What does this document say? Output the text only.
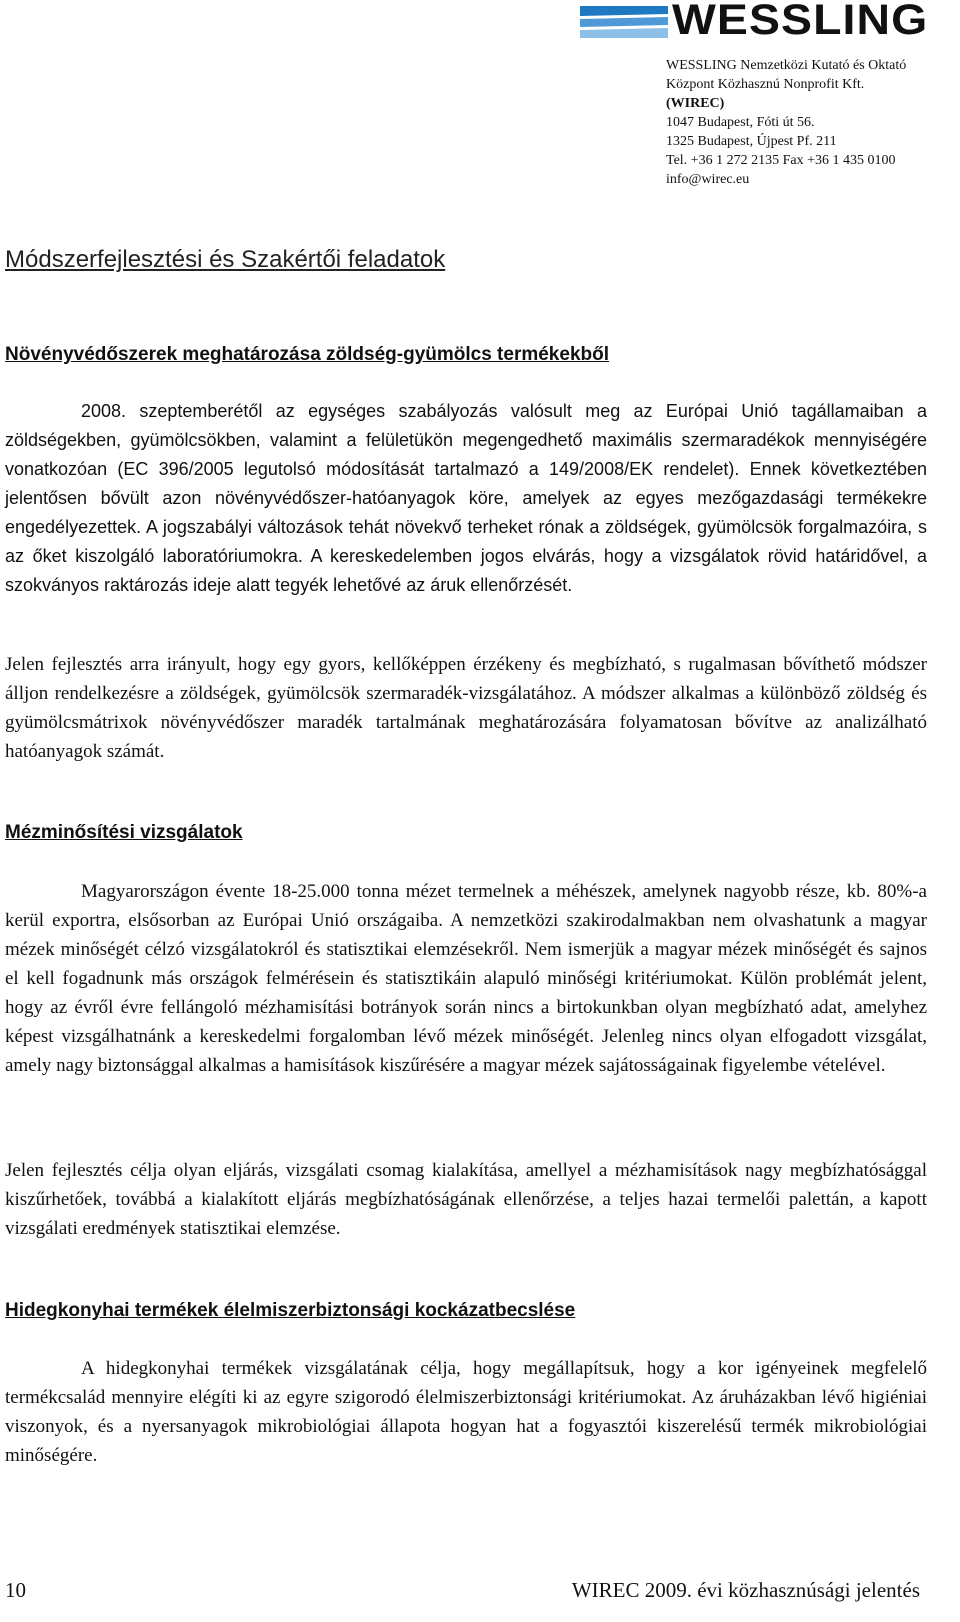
WESSLING
WESSLING Nemzetközi Kutató és Oktató
Központ Közhasznú Nonprofit Kft.
(WIREC)
1047 Budapest, Fóti út 56.
1325 Budapest, Újpest Pf. 211
Tel. +36 1 272 2135 Fax +36 1 435 0100
info@wirec.eu
Módszerfejlesztési és Szakértői feladatok
Növényvédőszerek meghatározása zöldség-gyümölcs termékekből

2008. szeptemberétől az egységes szabályozás valósult meg az Európai Unió tagállamaiban a zöldségekben, gyümölcsökben, valamint a felületükön megengedhető maximális szermaradékok mennyiségére vonatkozóan (EC 396/2005 legutolsó módosítását tartalmazó a 149/2008/EK rendelet). Ennek következtében jelentősen bővült azon növényvédőszer-hatóanyagok köre, amelyek az egyes mezőgazdasági termékekre engedélyezettek. A jogszabályi változások tehát növekvő terheket rónak a zöldségek, gyümölcsök forgalmazóira, s az őket kiszolgáló laboratóriumokra. A kereskedelemben jogos elvárás, hogy a vizsgálatok rövid határidővel, a szokványos raktározás ideje alatt tegyék lehetővé az áruk ellenőrzését.

Jelen fejlesztés arra irányult, hogy egy gyors, kellőképpen érzékeny és megbízható, s rugalmasan bővíthető módszer álljon rendelkezésre a zöldségek, gyümölcsök szermaradék-vizsgálatához. A módszer alkalmas a különböző zöldség és gyümölcsmátrixok növényvédőszer maradék tartalmának meghatározására folyamatosan bővítve az analizálható hatóanyagok számát.

Mézminősítési vizsgálatok

Magyarországon évente 18-25.000 tonna mézet termelnek a méhészek, amelynek nagyobb része, kb. 80%-a kerül exportra, elsősorban az Európai Unió országaiba. A nemzetközi szakirodalmakban nem olvashatunk a magyar mézek minőségét célzó vizsgálatokról és statisztikai elemzésekről. Nem ismerjük a magyar mézek minőségét és sajnos el kell fogadnunk más országok felmérésein és statisztikáin alapuló minőségi kritériumokat. Külön problémát jelent, hogy az évről évre fellángoló mézhamisítási botrányok során nincs a birtokunkban olyan megbízható adat, amelyhez képest vizsgálhatnánk a kereskedelmi forgalomban lévő mézek minőségét. Jelenleg nincs olyan elfogadott vizsgálat, amely nagy biztonsággal alkalmas a hamisítások kiszűrésére a magyar mézek sajátosságainak figyelembe vételével.

Jelen fejlesztés célja olyan eljárás, vizsgálati csomag kialakítása, amellyel a mézhamisítások nagy megbízhatósággal kiszűrhetőek, továbbá a kialakított eljárás megbízhatóságának ellenőrzése, a teljes hazai termelői palettán, a kapott vizsgálati eredmények statisztikai elemzése.

Hidegkonyhai termékek élelmiszerbiztonsági kockázatbecslése

A hidegkonyhai termékek vizsgálatának célja, hogy megállapítsuk, hogy a kor igényeinek megfelelő termékcsalád mennyire elégíti ki az egyre szigorodó élelmiszerbiztonsági kritériumokat. Az áruházakban lévő higiéniai viszonyok, és a nyersanyagok mikrobiológiai állapota hogyan hat a fogyasztói kiszerelésű termék mikrobiológiai minőségére.

10	WIREC 2009. évi közhasznúsági jelentés
